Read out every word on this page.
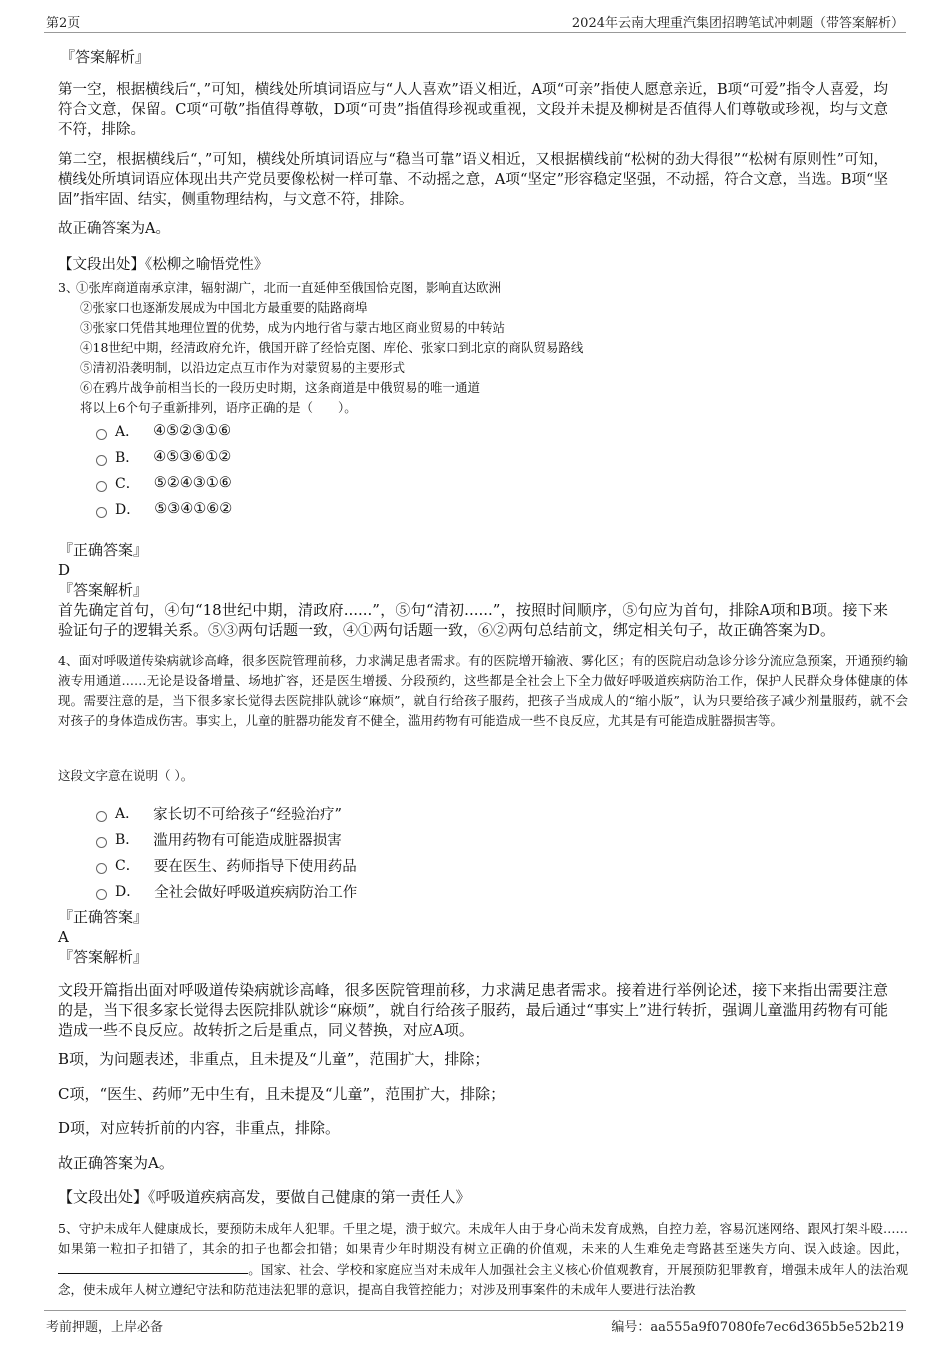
第2页	2024年云南大理重汽集团招聘笔试冲刺题（带答案解析）
『答案解析』
第一空，根据横线后“，”可知，横线处所填词语应与“人人喜欢”语义相近，A项“可亲”指使人愿意亲近，B项“可爱”指令人喜爱，均符合文意，保留。C项“可敬”指值得尊敬，D项“可贵”指值得珍视或重视，文段并未提及柳树是否值得人们尊敬或珍视，均与文意不符，排除。
第二空，根据横线后“，”可知，横线处所填词语应与“稳当可靠”语义相近，又根据横线前“松树的劲大得很”“松树有原则性”可知，横线处所填词语应体现出共产党员要像松树一样可靠、不动摇之意，A项“坚定”形容稳定坚强，不动摇，符合文意，当选。B项“坚固”指牢固、结实，侧重物理结构，与文意不符，排除。
故正确答案为A。
【文段出处】《松柳之喻悟党性》
3、
①张库商道南承京津，辐射湖广，北而一直延伸至俄国恰克图，影响直达欧洲
②张家口也逐渐发展成为中国北方最重要的陆路商埠
③张家口凭借其地理位置的优势，成为内地行省与蒙古地区商业贸易的中转站
④18世纪中期，经清政府允许，俄国开辟了经恰克图、库伦、张家口到北京的商队贸易路线
⑤清初沿袭明制，以沿边定点互市作为对蒙贸易的主要形式
⑥在鸦片战争前相当长的一段历史时期，这条商道是中俄贸易的唯一通道
将以上6个句子重新排列，语序正确的是（　　）。
A． ④⑤②③①⑥
B． ④⑤③⑥①②
C． ⑤②④③①⑥
D． ⑤③④①⑥②
『正确答案』
D
『答案解析』
首先确定首句，④句“18世纪中期，清政府......”，⑤句“清初......”，按照时间顺序，⑤句应为首句，排除A项和B项。接下来验证句子的逻辑关系。⑤③两句话题一致，④①两句话题一致，⑥②两句总结前文，绑定相关句子，故正确答案为D。
4、面对呼吸道传染病就诊高峰，很多医院管理前移，力求满足患者需求。有的医院增开输液、雾化区；有的医院启动急诊分诊分流应急预案，开通预约输液专用通道……无论是设备增量、场地扩容，还是医生增援、分段预约，这些都是全社会上下全力做好呼吸道疾病防治工作，保护人民群众身体健康的体现。需要注意的是，当下很多家长觉得去医院排队就诊“麻烦”，就自行给孩子服药，把孩子当成成人的“缩小版”，认为只要给孩子减少剂量服药，就不会对孩子的身体造成伤害。事实上，儿童的脏器功能发育不健全，滥用药物有可能造成一些不良反应，尤其是有可能造成脏器损害等。
这段文字意在说明（ ）。
A． 家长切不可给孩子“经验治疗”
B． 滥用药物有可能造成脏器损害
C． 要在医生、药师指导下使用药品
D． 全社会做好呼吸道疾病防治工作
『正确答案』
A
『答案解析』
文段开篇指出面对呼吸道传染病就诊高峰，很多医院管理前移，力求满足患者需求。接着进行举例论述，接下来指出需要注意的是，当下很多家长觉得去医院排队就诊“麻烦”，就自行给孩子服药，最后通过“事实上”进行转折，强调儿童滥用药物有可能造成一些不良反应。故转折之后是重点，同义替换，对应A项。
B项，为问题表述，非重点，且未提及“儿童”，范围扩大，排除；
C项，“医生、药师”无中生有，且未提及“儿童”，范围扩大，排除；
D项，对应转折前的内容，非重点，排除。
故正确答案为A。
【文段出处】《呼吸道疾病高发，要做自己健康的第一责任人》
5、守护未成年人健康成长，要预防未成年人犯罪。千里之堤，溃于蚁穴。未成年人由于身心尚未发育成熟，自控力差，容易沉迷网络、跟风打架斗殴……如果第一粒扣子扣错了，其余的扣子也都会扣错；如果青少年时期没有树立正确的价值观，未来的人生难免走弯路甚至迷失方向、误入歧途。因此，。国家、社会、学校和家庭应当对未成年人加强社会主义核心价值观教育，开展预防犯罪教育，增强未成年人的法治观念，使未成年人树立遵纪守法和防范违法犯罪的意识，提高自我管控能力；对涉及刑事案件的未成年人要进行法治教
考前押题，上岸必备	编号：aa555a9f07080fe7ec6d365b5e52b219
